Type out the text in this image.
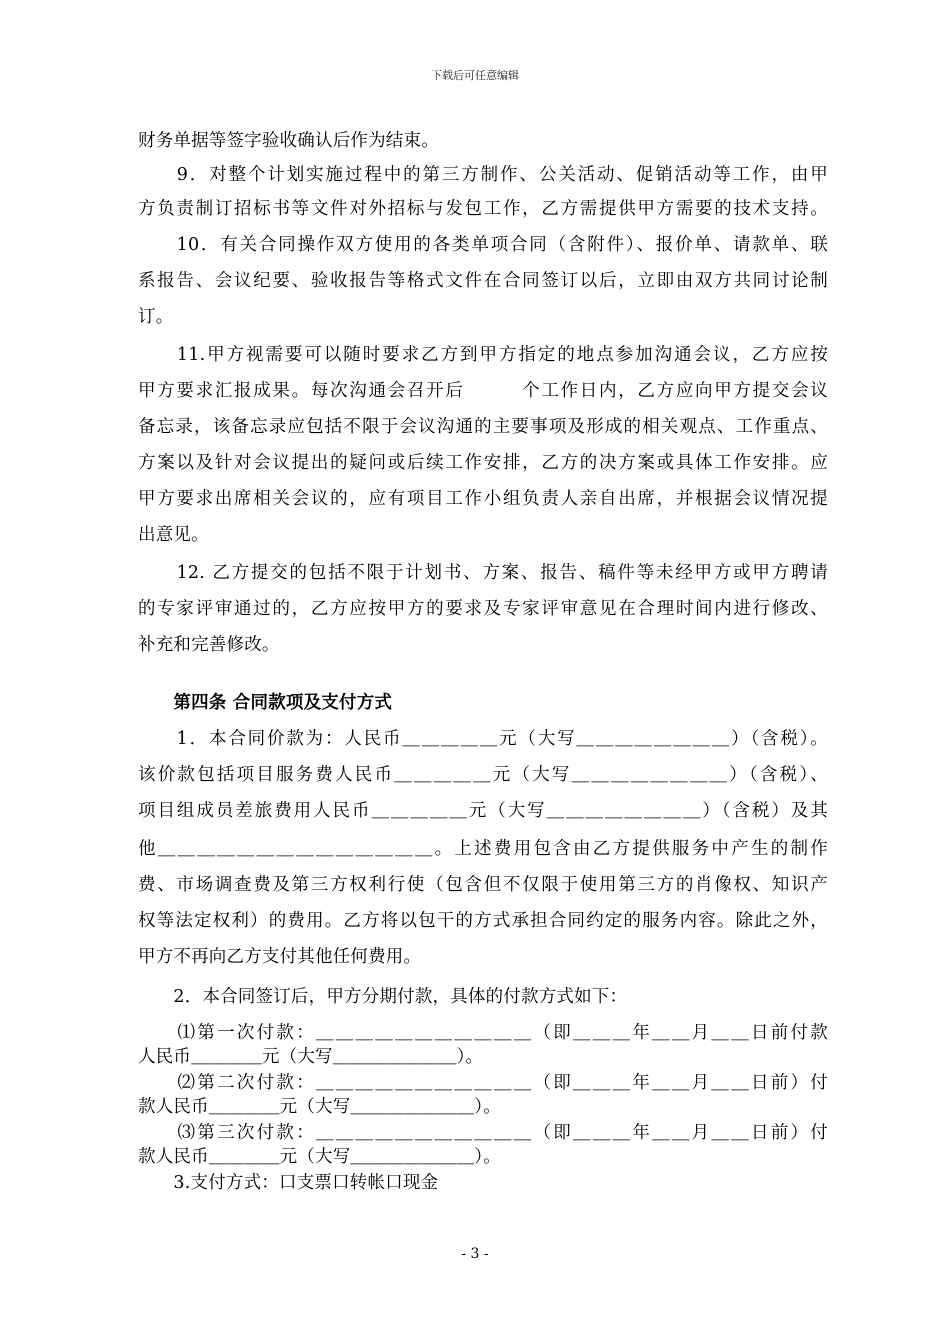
下载后可任意编辑
财务单据等签字验收确认后作为结束。
　　9．对整个计划实施过程中的第三方制作、公关活动、促销活动等工作，由甲
方负责制订招标书等文件对外招标与发包工作，乙方需提供甲方需要的技术支持。
　　10．有关合同操作双方使用的各类单项合同（含附件）、报价单、请款单、联
系报告、会议纪要、验收报告等格式文件在合同签订以后，立即由双方共同讨论制
订。
　　11.甲方视需要可以随时要求乙方到甲方指定的地点参加沟通会议，乙方应按
甲方要求汇报成果。每次沟通会召开后　　　个工作日内，乙方应向甲方提交会议
备忘录，该备忘录应包括不限于会议沟通的主要事项及形成的相关观点、工作重点、
方案以及针对会议提出的疑问或后续工作安排，乙方的决方案或具体工作安排。应
甲方要求出席相关会议的，应有项目工作小组负责人亲自出席，并根据会议情况提
出意见。
　　12. 乙方提交的包括不限于计划书、方案、报告、稿件等未经甲方或甲方聘请
的专家评审通过的，乙方应按甲方的要求及专家评审意见在合理时间内进行修改、
补充和完善修改。
　　第四条 合同款项及支付方式
　　1．本合同价款为：人民币＿＿＿＿＿元（大写＿＿＿＿＿＿＿＿）（含税）。
该价款包括项目服务费人民币＿＿＿＿＿元（大写＿＿＿＿＿＿＿＿）（含税）、
项目组成员差旅费用人民币＿＿＿＿＿元（大写＿＿＿＿＿＿＿＿）（含税）及其
他＿＿＿＿＿＿＿＿＿＿＿＿＿＿。上述费用包含由乙方提供服务中产生的制作
费、市场调查费及第三方权利行使（包含但不仅限于使用第三方的肖像权、知识产
权等法定权利）的费用。乙方将以包干的方式承担合同约定的服务内容。除此之外，
甲方不再向乙方支付其他任何费用。
　　2．本合同签订后，甲方分期付款，具体的付款方式如下：
　　⑴第一次付款：＿＿＿＿＿＿＿＿＿＿＿（即＿＿＿年＿＿月＿＿日前付款
人民币＿＿＿＿元（大写＿＿＿＿＿＿＿）。
　　⑵第二次付款：＿＿＿＿＿＿＿＿＿＿＿（即＿＿＿年＿＿月＿＿日前）付
款人民币＿＿＿＿元（大写＿＿＿＿＿＿＿）。
　　⑶第三次付款：＿＿＿＿＿＿＿＿＿＿＿（即＿＿＿年＿＿月＿＿日前）付
款人民币＿＿＿＿元（大写＿＿＿＿＿＿＿）。
　　3.支付方式：口支票口转帐口现金
- 3 -
